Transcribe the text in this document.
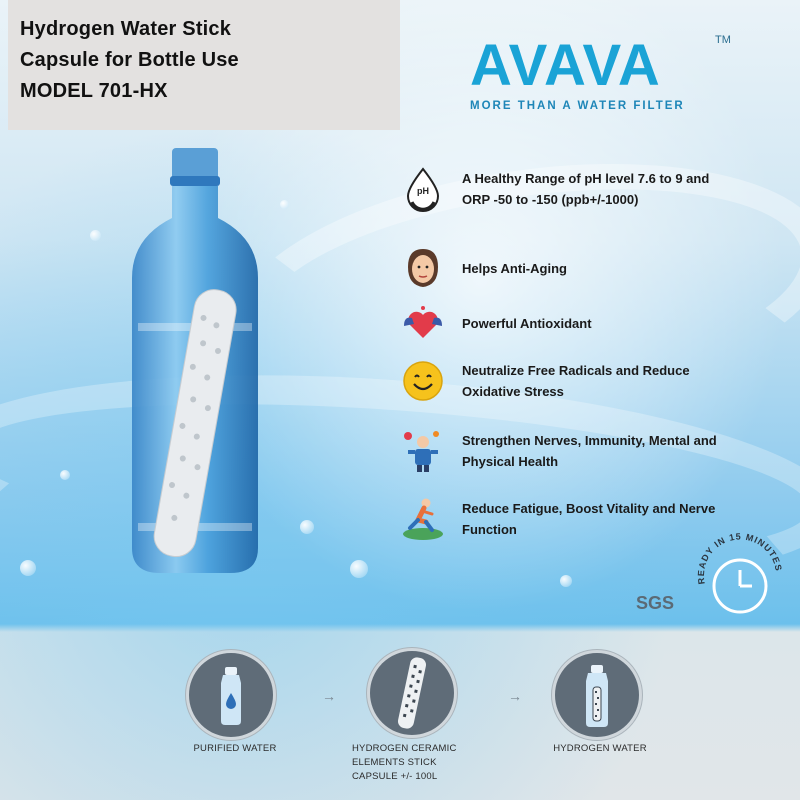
Hydrogen Water Stick
Capsule for Bottle Use
MODEL 701-HX	AVAVA	TM
MORE THAN A WATER FILTER
pH
A Healthy Range of pH level 7.6 to 9 and
ORP -50 to -150 (ppb+/-1000)
Helps Anti-Aging
Powerful Antioxidant
Neutralize Free Radicals and Reduce
Oxidative Stress
Strengthen Nerves, Immunity, Mental and
Physical Health
Reduce Fatigue, Boost Vitality and Nerve
Function
READY IN 15 MINUTES
SGS
→	→
PURIFIED WATER	HYDROGEN CERAMIC
ELEMENTS STICK
CAPSULE +/- 100L
HYDROGEN WATER
